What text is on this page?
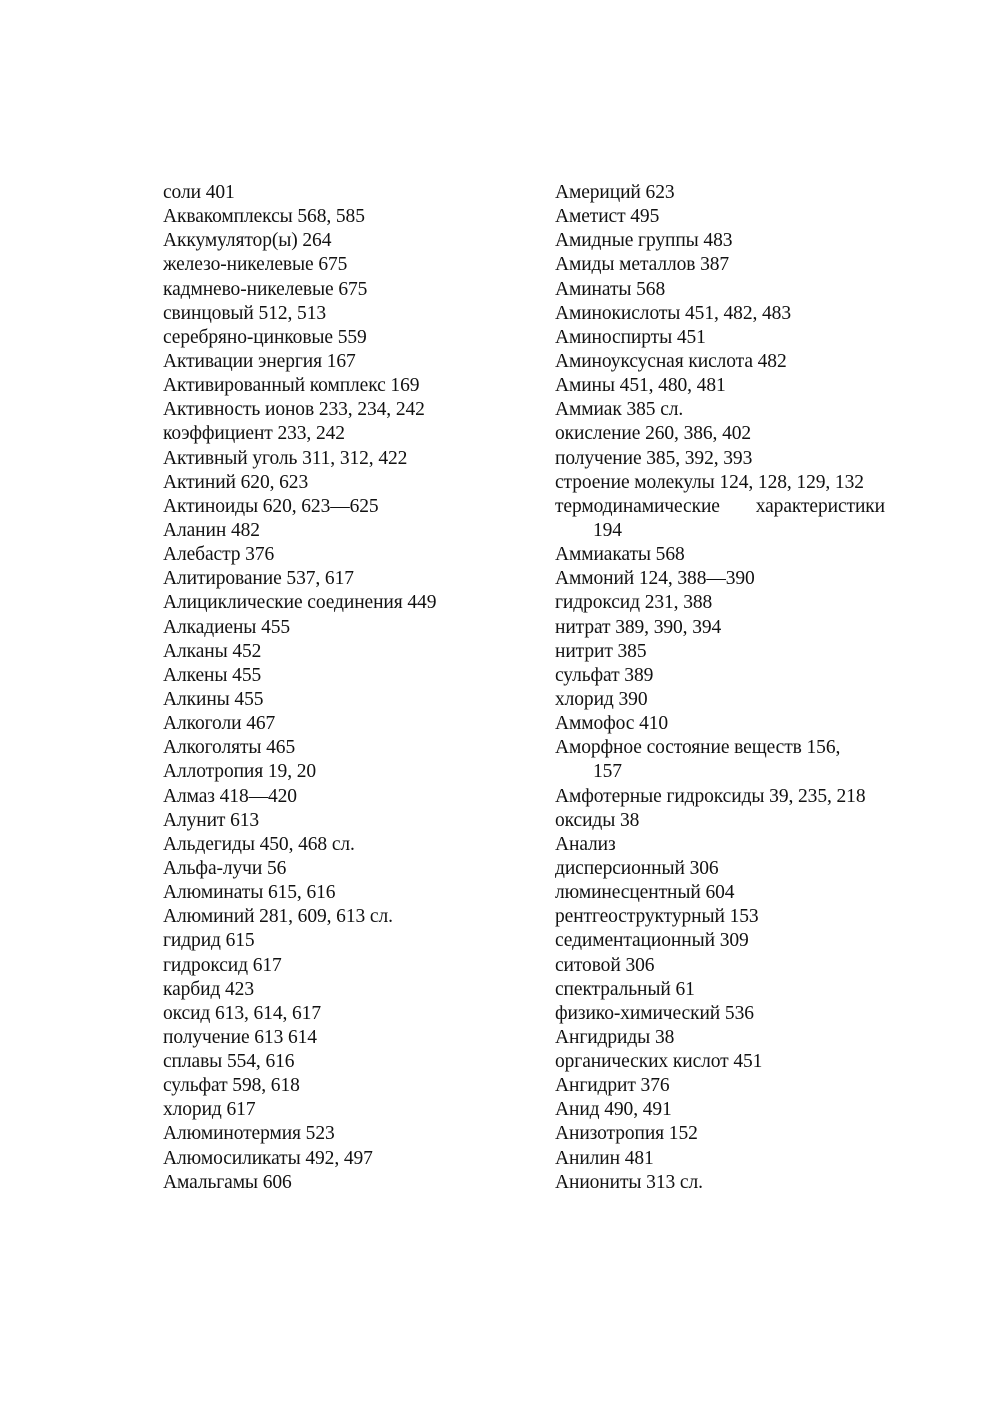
соли 401
Аквакомплексы 568, 585
Аккумулятор(ы) 264
железо-никелевые 675
кадмнево-никелевые 675
свинцовый 512, 513
серебряно-цинковые 559
Активации энергия 167
Активированный комплекс 169
Активность ионов 233, 234, 242
коэффициент 233, 242
Активный уголь 311, 312, 422
Актиний 620, 623
Актиноиды 620, 623—625
Аланин 482
Алебастр 376
Алитирование 537, 617
Алициклические соединения 449
Алкадиены 455
Алканы 452
Алкены 455
Алкины 455
Алкоголи 467
Алкоголяты 465
Аллотропия 19, 20
Алмаз 418—420
Алунит 613
Альдегиды 450, 468 сл.
Альфа-лучи 56
Алюминаты 615, 616
Алюминий 281, 609, 613 сл.
гидрид 615
гидроксид 617
карбид 423
оксид 613, 614, 617
получение 613 614
сплавы 554, 616
сульфат 598, 618
хлорид 617
Алюминотермия 523
Алюмосиликаты 492, 497
Амальгамы 606
Америций 623
Аметист 495
Амидные группы 483
Амиды металлов 387
Аминаты 568
Аминокислоты 451, 482, 483
Аминоспирты 451
Аминоуксусная кислота 482
Амины 451, 480, 481
Аммиак 385 сл.
окисление 260, 386, 402
получение 385, 392, 393
строение молекулы 124, 128, 129, 132
термодинамические характеристики
194
Аммиакаты 568
Аммоний 124, 388—390
гидроксид 231, 388
нитрат 389, 390, 394
нитрит 385
сульфат 389
хлорид 390
Аммофос 410
Аморфное состояние веществ 156,
157
Амфотерные гидроксиды 39, 235, 218
оксиды 38
Анализ
дисперсионный 306
люминесцентный 604
рентгеоструктурный 153
седиментационный 309
ситовой 306
спектральный 61
физико-химический 536
Ангидриды 38
органических кислот 451
Ангидрит 376
Анид 490, 491
Анизотропия 152
Анилин 481
Аниониты 313 сл.
